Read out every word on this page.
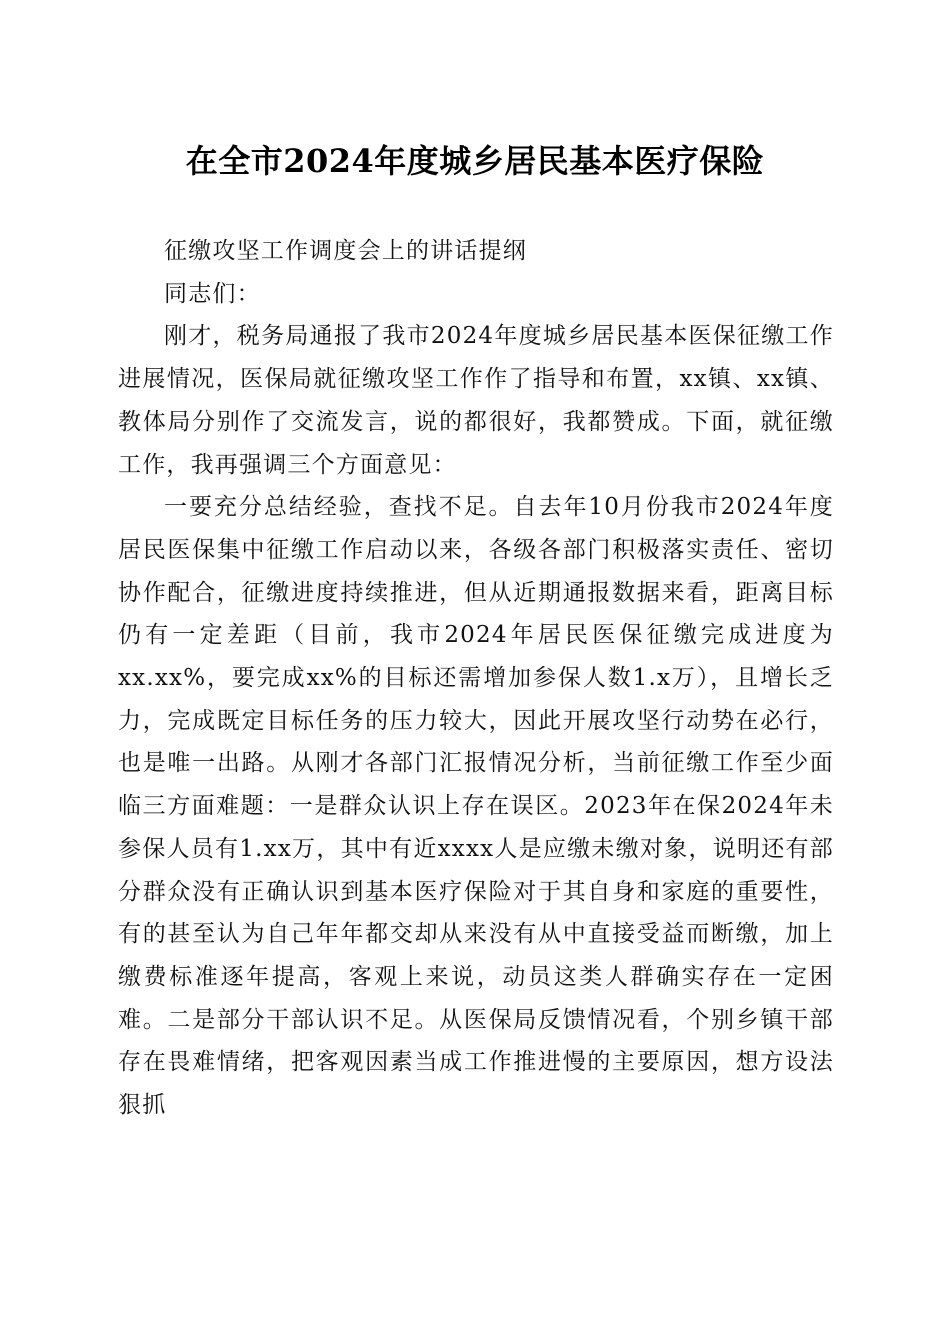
在全市2024年度城乡居民基本医疗保险

征缴攻坚工作调度会上的讲话提纲

同志们：

刚才，税务局通报了我市2024年度城乡居民基本医保征缴工作进展情况，医保局就征缴攻坚工作作了指导和布置，xx镇、xx镇、教体局分别作了交流发言，说的都很好，我都赞成。下面，就征缴工作，我再强调三个方面意见：

一要充分总结经验，查找不足。自去年10月份我市2024年度居民医保集中征缴工作启动以来，各级各部门积极落实责任、密切协作配合，征缴进度持续推进，但从近期通报数据来看，距离目标仍有一定差距（目前，我市2024年居民医保征缴完成进度为xx.xx%，要完成xx%的目标还需增加参保人数1.x万），且增长乏力，完成既定目标任务的压力较大，因此开展攻坚行动势在必行，也是唯一出路。从刚才各部门汇报情况分析，当前征缴工作至少面临三方面难题：一是群众认识上存在误区。2023年在保2024年未参保人员有1.xx万，其中有近xxxx人是应缴未缴对象，说明还有部分群众没有正确认识到基本医疗保险对于其自身和家庭的重要性，有的甚至认为自己年年都交却从来没有从中直接受益而断缴，加上缴费标准逐年提高，客观上来说，动员这类人群确实存在一定困难。二是部分干部认识不足。从医保局反馈情况看，个别乡镇干部存在畏难情绪，把客观因素当成工作推进慢的主要原因，想方设法狠抓
